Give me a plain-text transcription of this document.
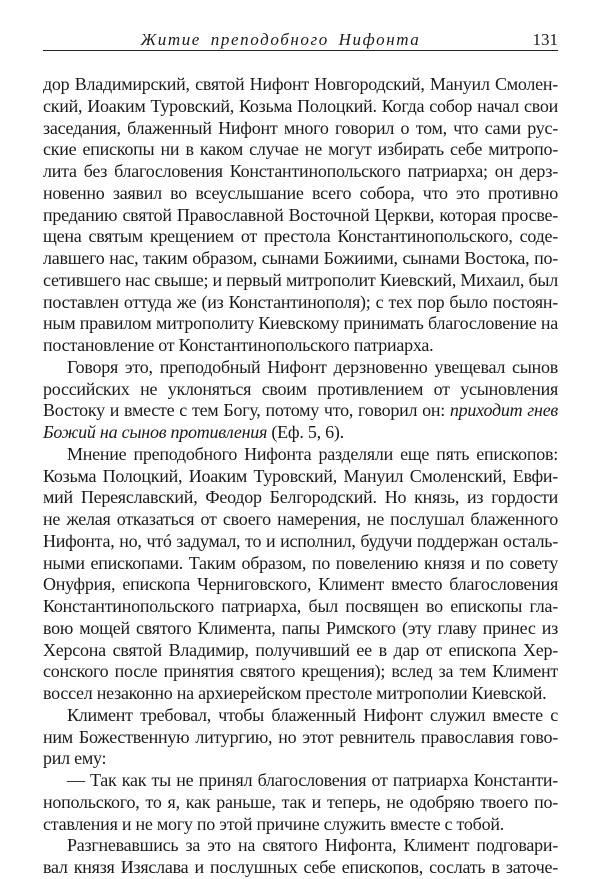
Житие преподобного Нифонта	131
дор Владимирский, святой Нифонт Новгородский, Мануил Смолен-
ский, Иоаким Туровский, Козьма Полоцкий. Когда собор начал свои
заседания, блаженный Нифонт много говорил о том, что сами рус-
ские епископы ни в каком случае не могут избирать себе митропо-
лита без благословения Константинопольского патриарха; он дерз-
новенно заявил во всеуслышание всего собора, что это противно
преданию святой Православной Восточной Церкви, которая просве-
щена святым крещением от престола Константинопольского, соде-
лавшего нас, таким образом, сынами Божиими, сынами Востока, по-
сетившего нас свыше; и первый митрополит Киевский, Михаил, был
поставлен оттуда же (из Константинополя); с тех пор было постоян-
ным правилом митрополиту Киевскому принимать благословение на
постановление от Константинопольского патриарха.
Говоря это, преподобный Нифонт дерзновенно увещевал сынов
российских не уклоняться своим противлением от усыновления
Востоку и вместе с тем Богу, потому что, говорил он: приходит гнев
Божий на сынов противления (Еф. 5, 6).
Мнение преподобного Нифонта разделяли еще пять епископов:
Козьма Полоцкий, Иоаким Туровский, Мануил Смоленский, Евфи-
мий Переяславский, Феодор Белгородский. Но князь, из гордости
не желая отказаться от своего намерения, не послушал блаженного
Нифонта, но, чтó задумал, то и исполнил, будучи поддержан осталь-
ными епископами. Таким образом, по повелению князя и по совету
Онуфрия, епископа Черниговского, Климент вместо благословения
Константинопольского патриарха, был посвящен во епископы гла-
вою мощей святого Климента, папы Римского (эту главу принес из
Херсона святой Владимир, получивший ее в дар от епископа Хер-
сонского после принятия святого крещения); вслед за тем Климент
воссел незаконно на архиерейском престоле митрополии Киевской.
Климент требовал, чтобы блаженный Нифонт служил вместе с
ним Божественную литургию, но этот ревнитель православия гово-
рил ему:
— Так как ты не принял благословения от патриарха Константи-
нопольского, то я, как раньше, так и теперь, не одобряю твоего по-
ставления и не могу по этой причине служить вместе с тобой.
Разгневавшись за это на святого Нифонта, Климент подговари-
вал князя Изяслава и послушных себе епископов, сослать в заточе-
